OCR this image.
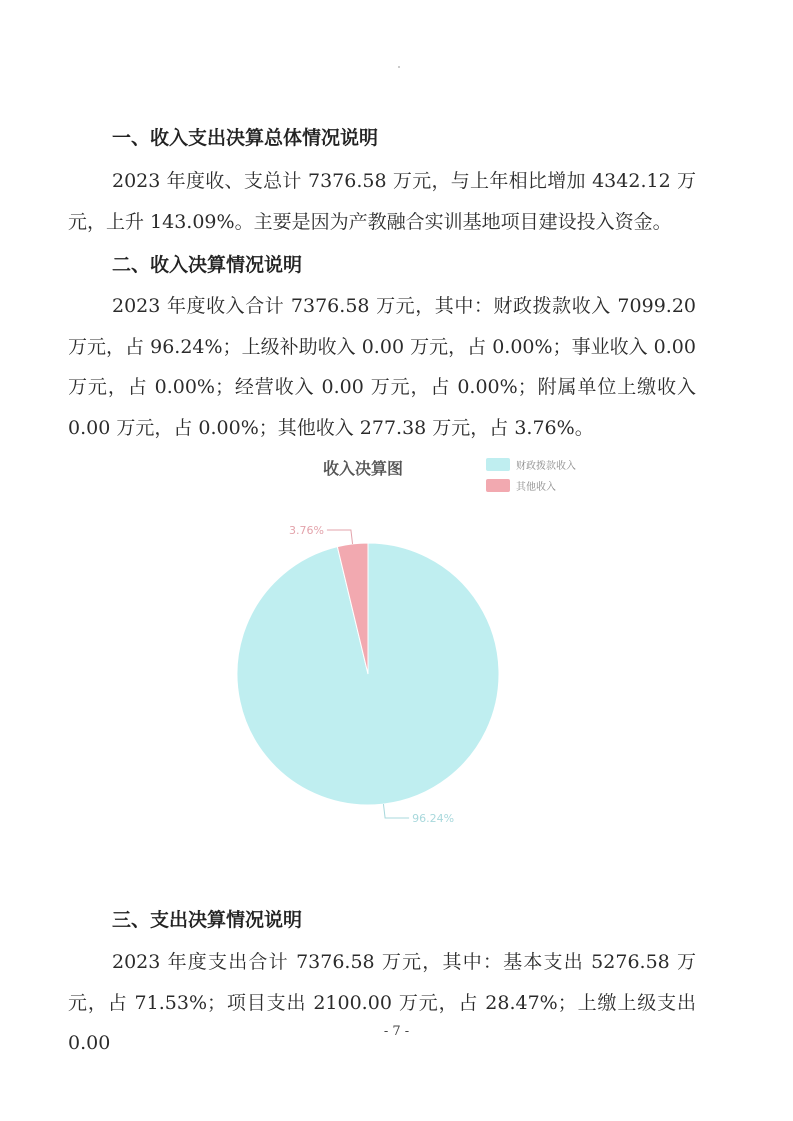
一、收入支出决算总体情况说明

2023 年度收、支总计 7376.58 万元，与上年相比增加 4342.12 万元，上升 143.09%。主要是因为产教融合实训基地项目建设投入资金。

二、收入决算情况说明

2023 年度收入合计 7376.58 万元，其中：财政拨款收入 7099.20 万元，占 96.24%；上级补助收入 0.00 万元，占 0.00%；事业收入 0.00 万元，占 0.00%；经营收入 0.00 万元，占 0.00%；附属单位上缴收入 0.00 万元，占 0.00%；其他收入 277.38 万元，占 3.76%。

收入决算图	财政拨款收入
其他收入
96.24%
3.76%
三、支出决算情况说明

2023 年度支出合计 7376.58 万元，其中：基本支出 5276.58 万元，占 71.53%；项目支出 2100.00 万元，占 28.47%；上缴上级支出 0.00

- 7 -
